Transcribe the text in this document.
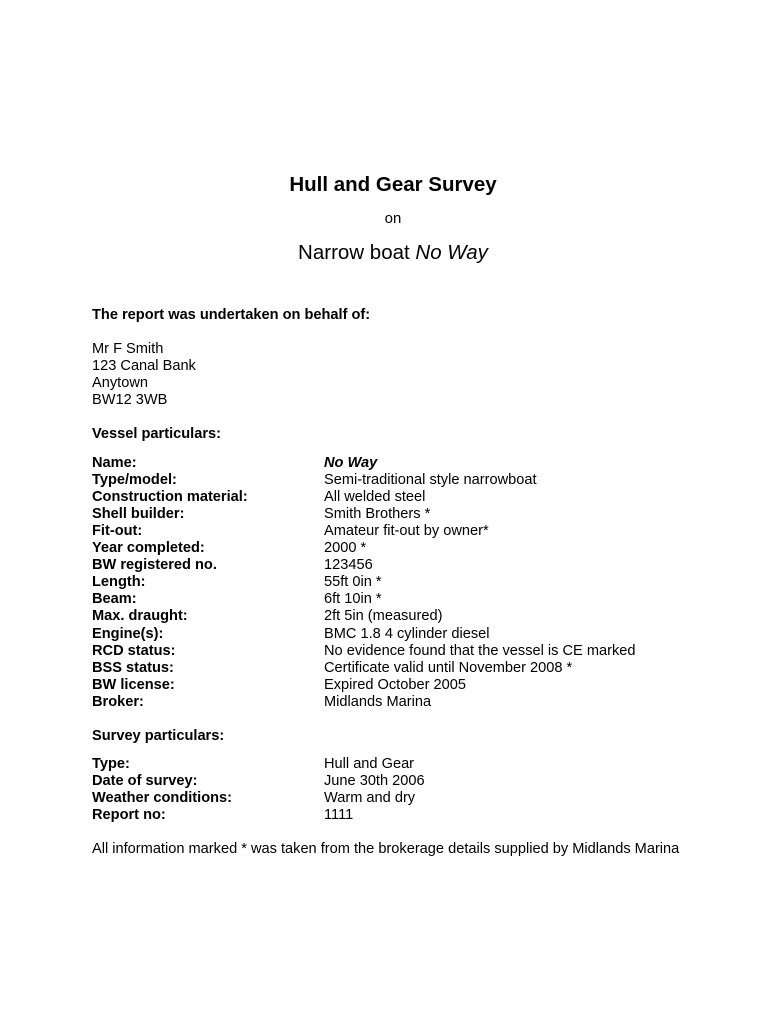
Hull and Gear Survey
on
Narrow boat No Way
The report was undertaken on behalf of:
Mr F Smith
123 Canal Bank
Anytown
BW12 3WB
Vessel particulars:
Name:	No Way
Type/model:	Semi-traditional style narrowboat
Construction material:	All welded steel
Shell builder:	Smith Brothers *
Fit-out:	Amateur fit-out by owner*
Year completed:	2000 *
BW registered no.	123456
Length:	55ft 0in *
Beam:	6ft 10in *
Max. draught:	2ft 5in (measured)
Engine(s):	BMC 1.8 4 cylinder diesel
RCD status:	No evidence found that the vessel is CE marked
BSS status:	Certificate valid until November 2008 *
BW license:	Expired October 2005
Broker:	Midlands Marina
Survey particulars:
Type:	Hull and Gear
Date of survey:	June 30th 2006
Weather conditions:	Warm and dry
Report no:	1111
All information marked * was taken from the brokerage details supplied by Midlands Marina
